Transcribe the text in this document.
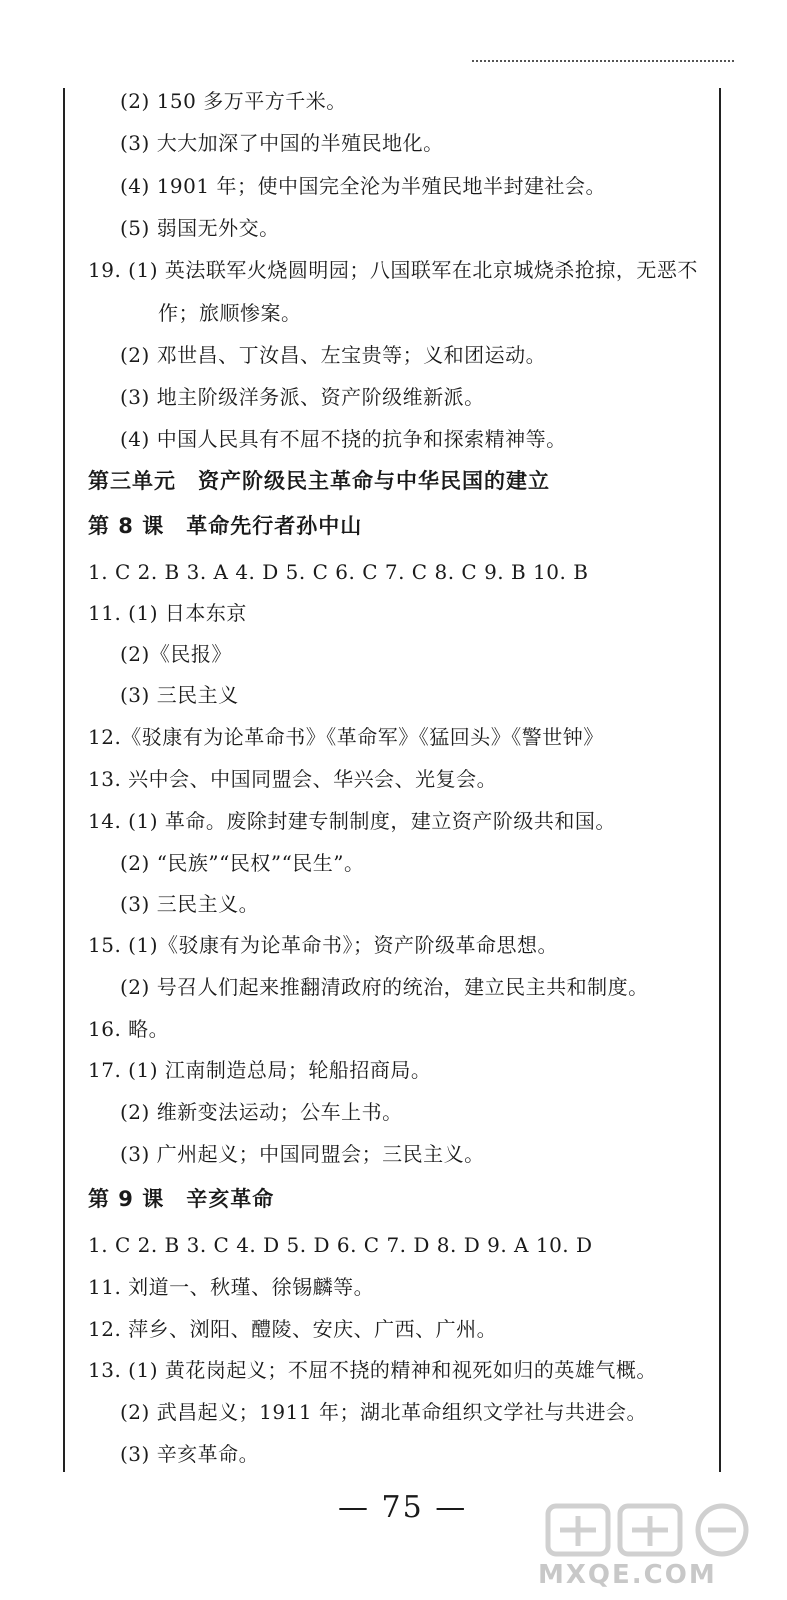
(2) 150 多万平方千米。
(3) 大大加深了中国的半殖民地化。
(4) 1901 年；使中国完全沦为半殖民地半封建社会。
(5) 弱国无外交。
19. (1) 英法联军火烧圆明园；八国联军在北京城烧杀抢掠，无恶不
作；旅顺惨案。
(2) 邓世昌、丁汝昌、左宝贵等；义和团运动。
(3) 地主阶级洋务派、资产阶级维新派。
(4) 中国人民具有不屈不挠的抗争和探索精神等。
第三单元　资产阶级民主革命与中华民国的建立
第 8 课　革命先行者孙中山
1. C 2. B 3. A 4. D 5. C 6. C 7. C 8. C 9. B 10. B
11. (1) 日本东京
(2)《民报》
(3) 三民主义
12.《驳康有为论革命书》《革命军》《猛回头》《警世钟》
13. 兴中会、中国同盟会、华兴会、光复会。
14. (1) 革命。废除封建专制制度，建立资产阶级共和国。
(2) “民族”“民权”“民生”。
(3) 三民主义。
15. (1)《驳康有为论革命书》；资产阶级革命思想。
(2) 号召人们起来推翻清政府的统治，建立民主共和制度。
16. 略。
17. (1) 江南制造总局；轮船招商局。
(2) 维新变法运动；公车上书。
(3) 广州起义；中国同盟会；三民主义。
第 9 课　辛亥革命
1. C 2. B 3. C 4. D 5. D 6. C 7. D 8. D 9. A 10. D
11. 刘道一、秋瑾、徐锡麟等。
12. 萍乡、浏阳、醴陵、安庆、广西、广州。
13. (1) 黄花岗起义；不屈不挠的精神和视死如归的英雄气概。
(2) 武昌起义；1911 年；湖北革命组织文学社与共进会。
(3) 辛亥革命。
— 75 —
MXQE.COM
